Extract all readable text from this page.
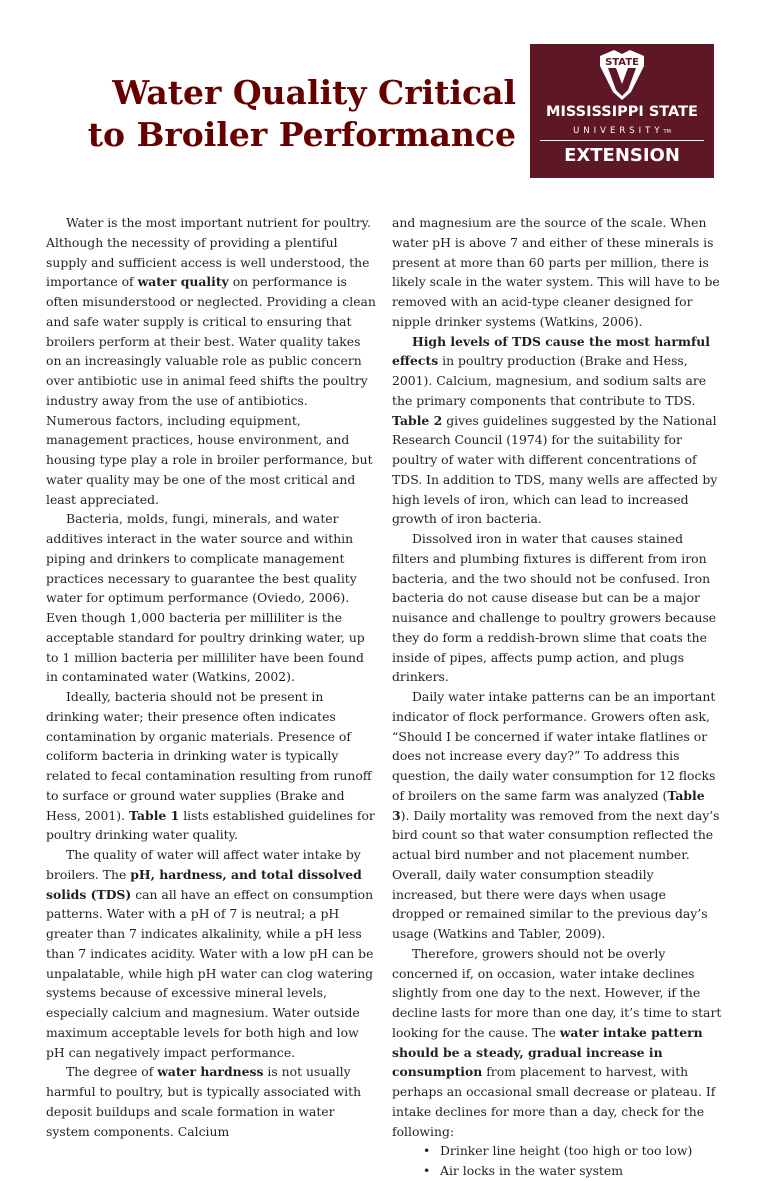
Water Quality Critical
to Broiler Performance
STATE
MISSISSIPPI STATE
UNIVERSITYTM
EXTENSION

Water is the most important nutrient for poultry. Although the necessity of providing a plentiful supply and sufficient access is well understood, the importance of water quality on performance is often misunderstood or neglected. Providing a clean and safe water supply is critical to ensuring that broilers perform at their best. Water quality takes on an increasingly valuable role as public concern over antibiotic use in animal feed shifts the poultry industry away from the use of antibiotics. Numerous factors, including equipment, management practices, house environment, and housing type play a role in broiler performance, but water quality may be one of the most critical and least appreciated.

Bacteria, molds, fungi, minerals, and water additives interact in the water source and within piping and drinkers to complicate management practices necessary to guarantee the best quality water for optimum performance (Oviedo, 2006). Even though 1,000 bacteria per milliliter is the acceptable standard for poultry drinking water, up to 1 million bacteria per milliliter have been found in contaminated water (Watkins, 2002).

Ideally, bacteria should not be present in drinking water; their presence often indicates contamination by organic materials. Presence of coliform bacteria in drinking water is typically related to fecal contamination resulting from runoff to surface or ground water supplies (Brake and Hess, 2001). Table 1 lists established guidelines for poultry drinking water quality.

The quality of water will affect water intake by broilers. The pH, hardness, and total dissolved solids (TDS) can all have an effect on consumption patterns. Water with a pH of 7 is neutral; a pH greater than 7 indicates alkalinity, while a pH less than 7 indicates acidity. Water with a low pH can be unpalatable, while high pH water can clog watering systems because of excessive mineral levels, especially calcium and magnesium. Water outside maximum acceptable levels for both high and low pH can negatively impact performance.

The degree of water hardness is not usually harmful to poultry, but is typically associated with deposit buildups and scale formation in water system components. Calcium

and magnesium are the source of the scale. When water pH is above 7 and either of these minerals is present at more than 60 parts per million, there is likely scale in the water system. This will have to be removed with an acid-type cleaner designed for nipple drinker systems (Watkins, 2006).

High levels of TDS cause the most harmful effects in poultry production (Brake and Hess, 2001). Calcium, magnesium, and sodium salts are the primary components that contribute to TDS. Table 2 gives guidelines suggested by the National Research Council (1974) for the suitability for poultry of water with different concentrations of TDS. In addition to TDS, many wells are affected by high levels of iron, which can lead to increased growth of iron bacteria.

Dissolved iron in water that causes stained filters and plumbing fixtures is different from iron bacteria, and the two should not be confused. Iron bacteria do not cause disease but can be a major nuisance and challenge to poultry growers because they do form a reddish-brown slime that coats the inside of pipes, affects pump action, and plugs drinkers.

Daily water intake patterns can be an important indicator of flock performance. Growers often ask, “Should I be concerned if water intake flatlines or does not increase every day?” To address this question, the daily water consumption for 12 flocks of broilers on the same farm was analyzed (Table 3). Daily mortality was removed from the next day’s bird count so that water consumption reflected the actual bird number and not placement number. Overall, daily water consumption steadily increased, but there were days when usage dropped or remained similar to the previous day’s usage (Watkins and Tabler, 2009).

Therefore, growers should not be overly concerned if, on occasion, water intake declines slightly from one day to the next. However, if the decline lasts for more than one day, it’s time to start looking for the cause. The water intake pattern should be a steady, gradual increase in consumption from placement to harvest, with perhaps an occasional small decrease or plateau. If intake declines for more than a day, check for the following:

• Drinker line height (too high or too low)
• Air locks in the water system
